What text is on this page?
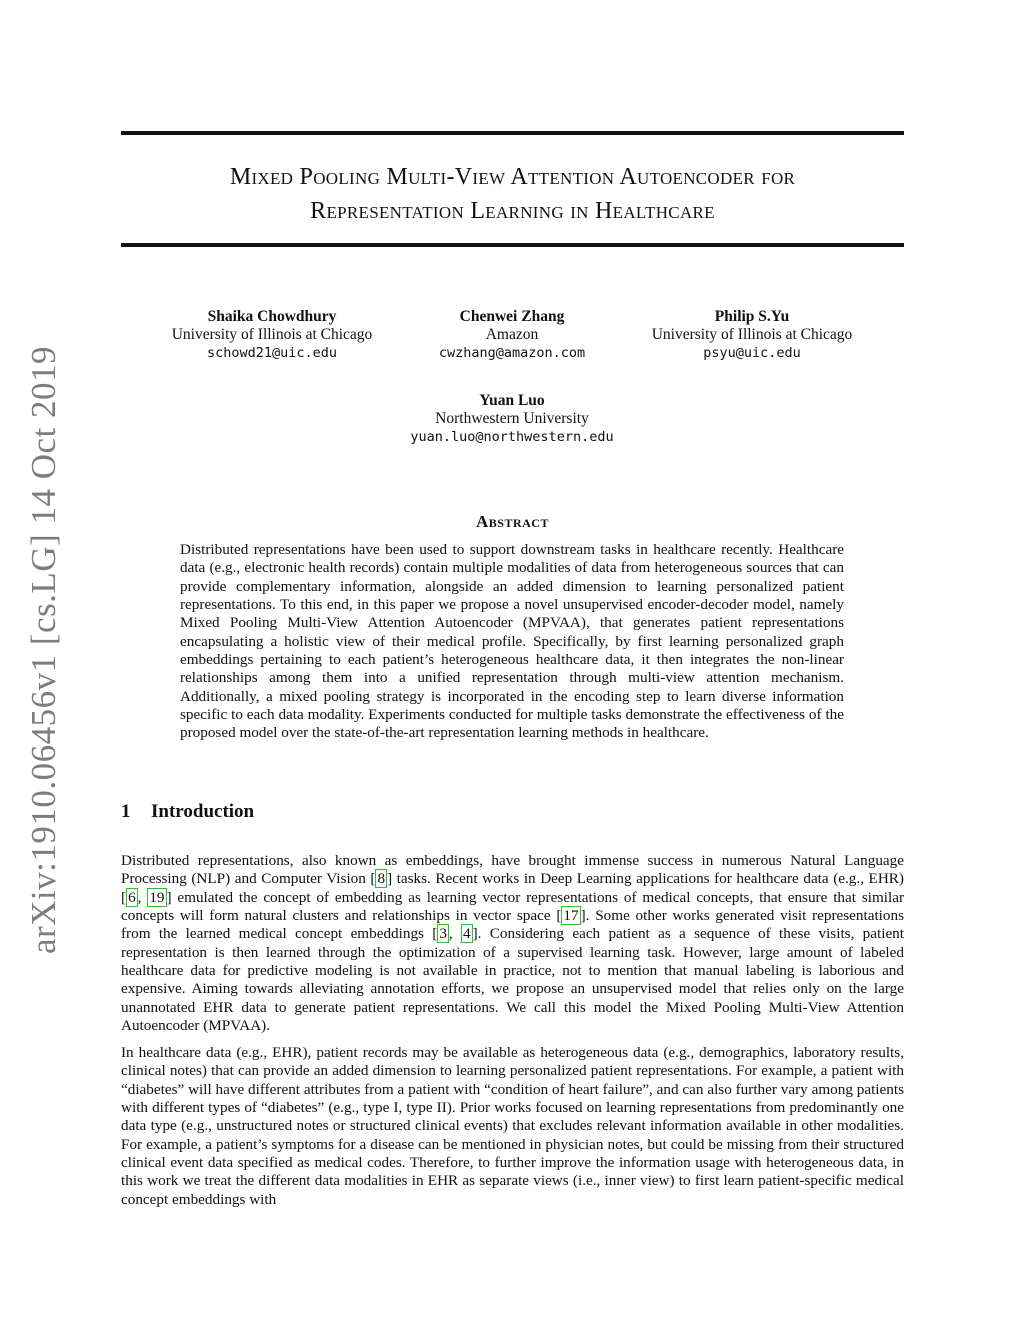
arXiv:1910.06456v1 [cs.LG] 14 Oct 2019
Mixed Pooling Multi-View Attention Autoencoder for
Representation Learning in Healthcare
Shaika Chowdhury
University of Illinois at Chicago
schowd21@uic.edu
Chenwei Zhang
Amazon
cwzhang@amazon.com
Philip S.Yu
University of Illinois at Chicago
psyu@uic.edu
Yuan Luo
Northwestern University
yuan.luo@northwestern.edu
Abstract

Distributed representations have been used to support downstream tasks in healthcare recently. Healthcare data (e.g., electronic health records) contain multiple modalities of data from heterogeneous sources that can provide complementary information, alongside an added dimension to learning personalized patient representations. To this end, in this paper we propose a novel unsupervised encoder-decoder model, namely Mixed Pooling Multi-View Attention Autoencoder (MPVAA), that generates patient representations encapsulating a holistic view of their medical profile. Specifically, by first learning personalized graph embeddings pertaining to each patient’s heterogeneous healthcare data, it then integrates the non-linear relationships among them into a unified representation through multi-view attention mechanism. Additionally, a mixed pooling strategy is incorporated in the encoding step to learn diverse information specific to each data modality. Experiments conducted for multiple tasks demonstrate the effectiveness of the proposed model over the state-of-the-art representation learning methods in healthcare.

1 Introduction

Distributed representations, also known as embeddings, have brought immense success in numerous Natural Language Processing (NLP) and Computer Vision [ 8 ] tasks. Recent works in Deep Learning applications for healthcare data (e.g., EHR) [ 6 , 19 ] emulated the concept of embedding as learning vector representations of medical concepts, that ensure that similar concepts will form natural clusters and relationships in vector space [ 17 ]. Some other works generated visit representations from the learned medical concept embeddings [ 3 , 4 ]. Considering each patient as a sequence of these visits, patient representation is then learned through the optimization of a supervised learning task. However, large amount of labeled healthcare data for predictive modeling is not available in practice, not to mention that manual labeling is laborious and expensive. Aiming towards alleviating annotation efforts, we propose an unsupervised model that relies only on the large unannotated EHR data to generate patient representations. We call this model the Mixed Pooling Multi-View Attention Autoencoder (MPVAA).

In healthcare data (e.g., EHR), patient records may be available as heterogeneous data (e.g., demographics, laboratory results, clinical notes) that can provide an added dimension to learning personalized patient representations. For example, a patient with “diabetes” will have different attributes from a patient with “condition of heart failure”, and can also further vary among patients with different types of “diabetes” (e.g., type I, type II). Prior works focused on learning representations from predominantly one data type (e.g., unstructured notes or structured clinical events) that excludes relevant information available in other modalities. For example, a patient’s symptoms for a disease can be mentioned in physician notes, but could be missing from their structured clinical event data specified as medical codes. Therefore, to further improve the information usage with heterogeneous data, in this work we treat the different data modalities in EHR as separate views (i.e., inner view) to first learn patient-specific medical concept embeddings with
